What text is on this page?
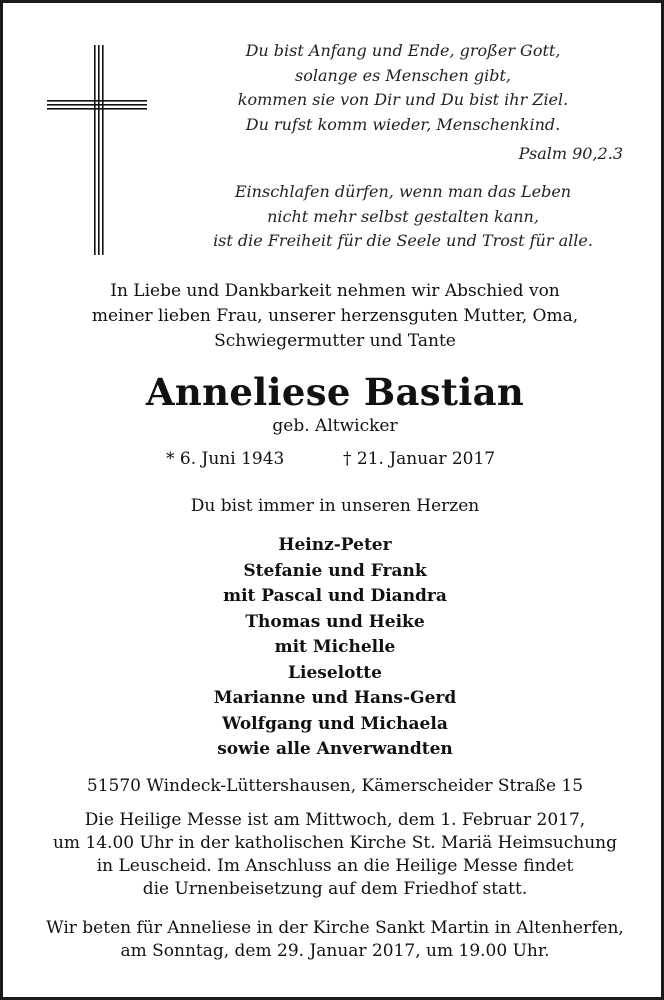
Du bist Anfang und Ende, großer Gott,
solange es Menschen gibt,
kommen sie von Dir und Du bist ihr Ziel.
Du rufst komm wieder, Menschenkind.
Psalm 90,2.3
Einschlafen dürfen, wenn man das Leben
nicht mehr selbst gestalten kann,
ist die Freiheit für die Seele und Trost für alle.
In Liebe und Dankbarkeit nehmen wir Abschied von
meiner lieben Frau, unserer herzensguten Mutter, Oma,
Schwiegermutter und Tante
Anneliese Bastian
geb. Altwicker
* 6. Juni 1943	† 21. Januar 2017
Du bist immer in unseren Herzen
Heinz-Peter
Stefanie und Frank
mit Pascal und Diandra
Thomas und Heike
mit Michelle
Lieselotte
Marianne und Hans-Gerd
Wolfgang und Michaela
sowie alle Anverwandten
51570 Windeck-Lüttershausen, Kämerscheider Straße 15
Die Heilige Messe ist am Mittwoch, dem 1. Februar 2017,
um 14.00 Uhr in der katholischen Kirche St. Mariä Heimsuchung
in Leuscheid. Im Anschluss an die Heilige Messe findet
die Urnenbeisetzung auf dem Friedhof statt.
Wir beten für Anneliese in der Kirche Sankt Martin in Altenherfen,
am Sonntag, dem 29. Januar 2017, um 19.00 Uhr.
